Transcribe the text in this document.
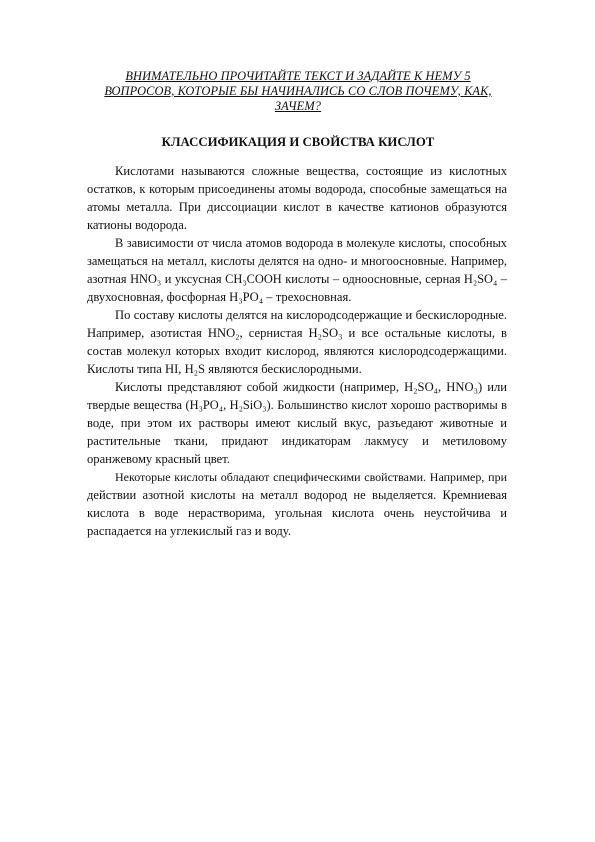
ВНИМАТЕЛЬНО ПРОЧИТАЙТЕ ТЕКСТ И ЗАДАЙТЕ К НЕМУ 5
ВОПРОСОВ, КОТОРЫЕ БЫ НАЧИНАЛИСЬ СО СЛОВ ПОЧЕМУ, КАК,
ЗАЧЕМ?
КЛАССИФИКАЦИЯ И СВОЙСТВА КИСЛОТ
Кислотами называются сложные вещества, состоящие из кислотных
остатков, к которым присоединены атомы водорода, способные замещаться на
атомы металла. При диссоциации кислот в качестве катионов образуются
катионы водорода.
В зависимости от числа атомов водорода в молекуле кислоты, способных
замещаться на металл, кислоты делятся на одно- и многоосновные. Например,
азотная HNO₃ и уксусная CH₃COOH кислоты – одноосновные, серная H₂SO₄ –
двухосновная, фосфорная H₃PO₄ – трехосновная.
По составу кислоты делятся на кислородсодержащие и бескислородные.
Например, азотистая HNO₂, сернистая H₂SO₃ и все остальные кислоты, в
состав молекул которых входит кислород, являются кислородсодержащими.
Кислоты типа HI, H₂S являются бескислородными.
Кислоты представляют собой жидкости (например, H₂SO₄, HNO₃) или
твердые вещества (H₃PO₄, H₂SiO₃). Большинство кислот хорошо растворимы в
воде, при этом их растворы имеют кислый вкус, разъедают животные и
растительные ткани, придают индикаторам лакмусу и метиловому
оранжевому красный цвет.
Некоторые кислоты обладают специфическими свойствами. Например, при
действии азотной кислоты на металл водород не выделяется. Кремниевая
кислота в воде нерастворима, угольная кислота очень неустойчива и
распадается на углекислый газ и воду.
